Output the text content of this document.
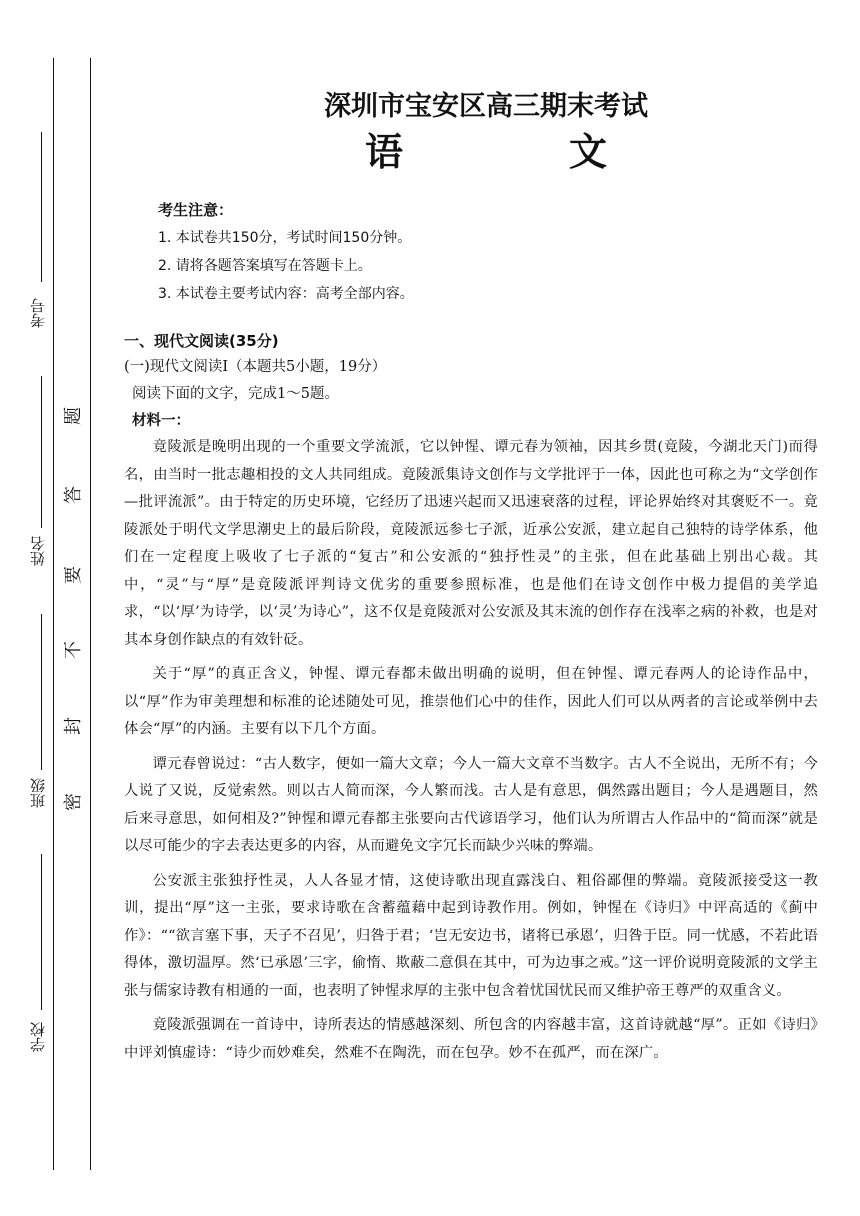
考号
姓名
班级
学校
题
答
要
不
封
密
深圳市宝安区高三期末考试
语　文
考生注意：
1. 本试卷共150分，考试时间150分钟。
2. 请将各题答案填写在答题卡上。
3. 本试卷主要考试内容：高考全部内容。
一、现代文阅读(35分)
(一)现代文阅读Ⅰ（本题共5小题，19分）
阅读下面的文字，完成1～5题。
材料一：

竟陵派是晚明出现的一个重要文学流派，它以钟惺、谭元春为领袖，因其乡贯(竟陵，今湖北天门)而得名，由当时一批志趣相投的文人共同组成。竟陵派集诗文创作与文学批评于一体，因此也可称之为“文学创作—批评流派”。由于特定的历史环境，它经历了迅速兴起而又迅速衰落的过程，评论界始终对其褒贬不一。竟陵派处于明代文学思潮史上的最后阶段，竟陵派远参七子派，近承公安派，建立起自己独特的诗学体系，他们在一定程度上吸收了七子派的“复古”和公安派的“独抒性灵”的主张，但在此基础上别出心裁。其中，“灵”与“厚”是竟陵派评判诗文优劣的重要参照标准，也是他们在诗文创作中极力提倡的美学追求，“以‘厚’为诗学，以‘灵’为诗心”，这不仅是竟陵派对公安派及其末流的创作存在浅率之病的补救，也是对其本身创作缺点的有效针砭。

关于“厚”的真正含义，钟惺、谭元春都未做出明确的说明，但在钟惺、谭元春两人的论诗作品中，以“厚”作为审美理想和标准的论述随处可见，推崇他们心中的佳作，因此人们可以从两者的言论或举例中去体会“厚”的内涵。主要有以下几个方面。

谭元春曾说过：“古人数字，便如一篇大文章；今人一篇大文章不当数字。古人不全说出，无所不有；今人说了又说，反觉索然。则以古人简而深，今人繁而浅。古人是有意思，偶然露出题目；今人是遇题目，然后来寻意思，如何相及?”钟惺和谭元春都主张要向古代谚语学习，他们认为所谓古人作品中的“简而深”就是以尽可能少的字去表达更多的内容，从而避免文字冗长而缺少兴味的弊端。

公安派主张独抒性灵，人人各显才情，这使诗歌出现直露浅白、粗俗鄙俚的弊端。竟陵派接受这一教训，提出“厚”这一主张，要求诗歌在含蓄蕴藉中起到诗教作用。例如，钟惺在《诗归》中评高适的《蓟中作》：““欲言塞下事，天子不召见’，归咎于君；‘岂无安边书，诸将已承恩’，归咎于臣。同一忧感，不若此语得体，激切温厚。然‘已承恩’三字，偷惰、欺蔽二意俱在其中，可为边事之戒。”这一评价说明竟陵派的文学主张与儒家诗教有相通的一面，也表明了钟惺求厚的主张中包含着忧国忧民而又维护帝王尊严的双重含义。

竟陵派强调在一首诗中，诗所表达的情感越深刻、所包含的内容越丰富，这首诗就越“厚”。正如《诗归》中评刘慎虚诗：“诗少而妙难矣，然难不在陶洗，而在包孕。妙不在孤严，而在深广。
